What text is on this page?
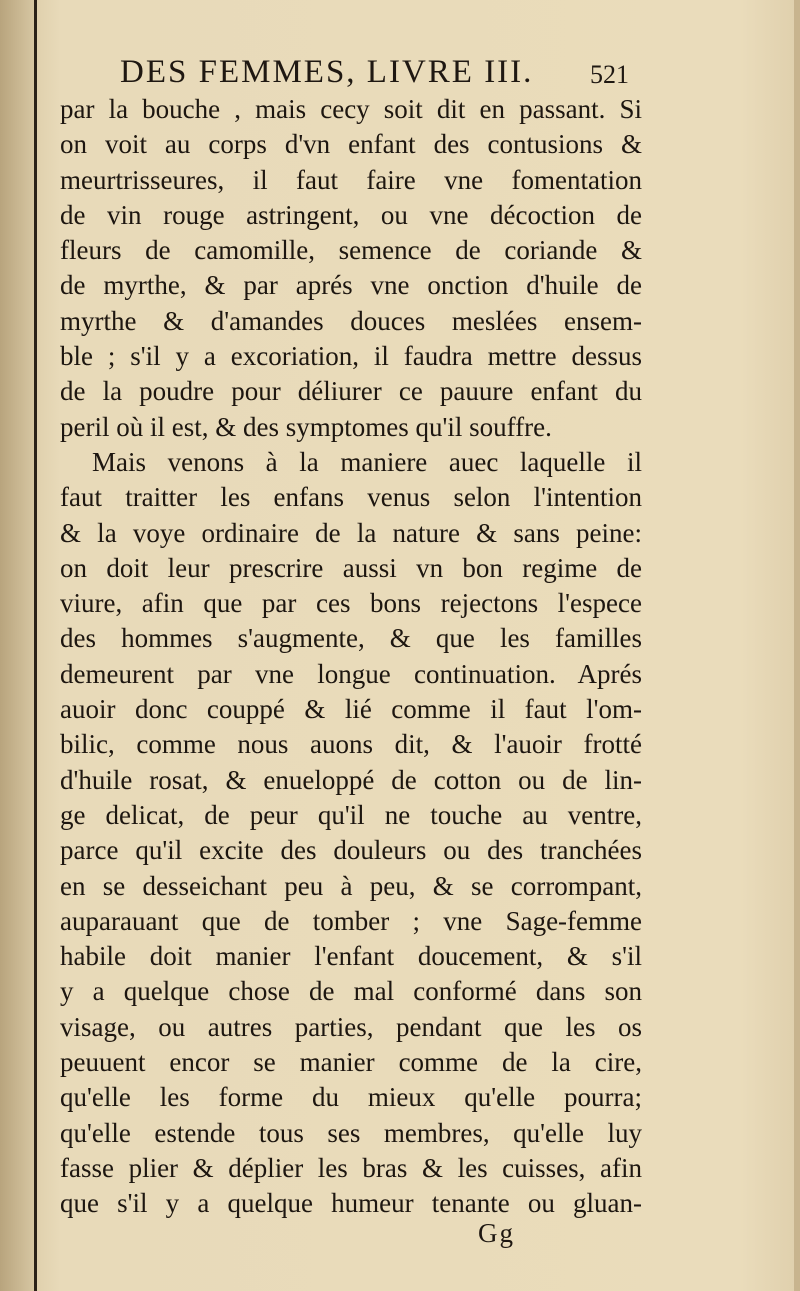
DES FEMMES, LIVRE III. 521
par la bouche , mais cecy soit dit en passant. Si
on voit au corps d'vn enfant des contusions &
meurtrisseures, il faut faire vne fomentation
de vin rouge astringent, ou vne décoction de
fleurs de camomille, semence de coriande &
de myrthe, & par aprés vne onction d'huile de
myrthe & d'amandes douces meslées ensem-
ble ; s'il y a excoriation, il faudra mettre dessus
de la poudre pour déliurer ce pauure enfant du
peril où il est, & des symptomes qu'il souffre.
Mais venons à la maniere auec laquelle il
faut traitter les enfans venus selon l'intention
& la voye ordinaire de la nature & sans peine:
on doit leur prescrire aussi vn bon regime de
viure, afin que par ces bons rejectons l'espece
des hommes s'augmente, & que les familles
demeurent par vne longue continuation. Aprés
auoir donc couppé & lié comme il faut l'om-
bilic, comme nous auons dit, & l'auoir frotté
d'huile rosat, & enueloppé de cotton ou de lin-
ge delicat, de peur qu'il ne touche au ventre,
parce qu'il excite des douleurs ou des tranchées
en se desseichant peu à peu, & se corrompant,
auparauant que de tomber ; vne Sage-femme
habile doit manier l'enfant doucement, & s'il
y a quelque chose de mal conformé dans son
visage, ou autres parties, pendant que les os
peuuent encor se manier comme de la cire,
qu'elle les forme du mieux qu'elle pourra;
qu'elle estende tous ses membres, qu'elle luy
fasse plier & déplier les bras & les cuisses, afin
que s'il y a quelque humeur tenante ou gluan-
Gg
